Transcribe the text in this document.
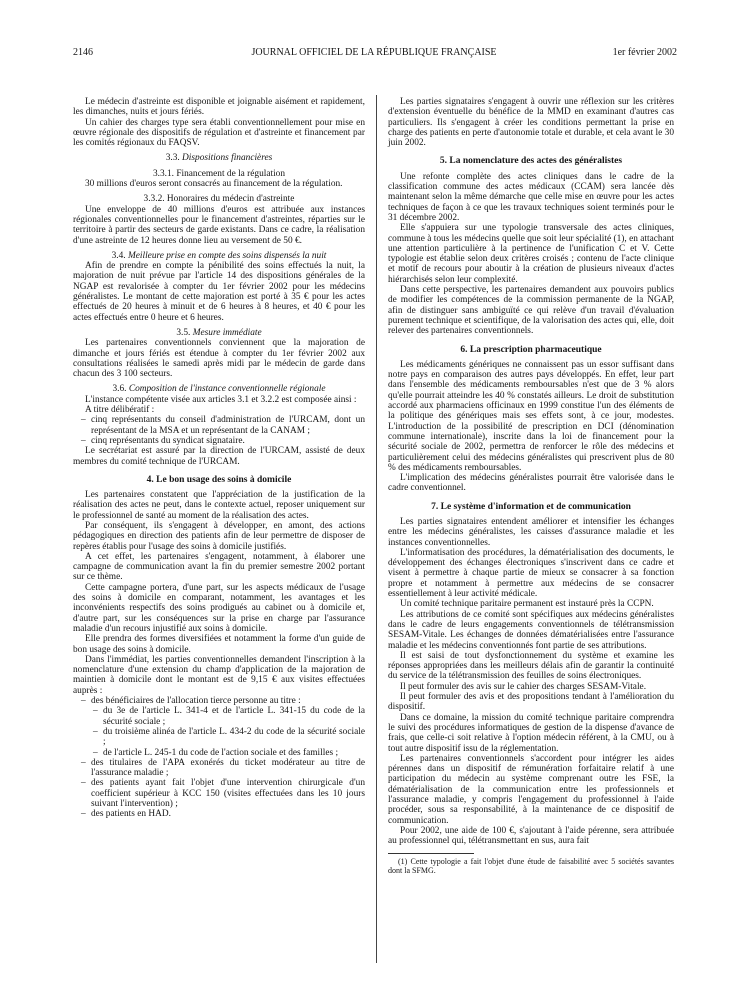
2146	JOURNAL OFFICIEL DE LA RÉPUBLIQUE FRANÇAISE	1er février 2002

Le médecin d'astreinte est disponible et joignable aisément et rapidement, les dimanches, nuits et jours fériés.

Un cahier des charges type sera établi conventionnellement pour mise en œuvre régionale des dispositifs de régulation et d'astreinte et financement par les comités régionaux du FAQSV.

3.3. Dispositions financières
3.3.1. Financement de la régulation

30 millions d'euros seront consacrés au financement de la régulation.

3.3.2. Honoraires du médecin d'astreinte

Une enveloppe de 40 millions d'euros est attribuée aux instances régionales conventionnelles pour le financement d'astreintes, réparties sur le territoire à partir des secteurs de garde existants. Dans ce cadre, la réalisation d'une astreinte de 12 heures donne lieu au versement de 50 €.

3.4. Meilleure prise en compte des soins dispensés la nuit

Afin de prendre en compte la pénibilité des soins effectués la nuit, la majoration de nuit prévue par l'article 14 des dispositions générales de la NGAP est revalorisée à compter du 1er février 2002 pour les médecins généralistes. Le montant de cette majoration est porté à 35 € pour les actes effectués de 20 heures à minuit et de 6 heures à 8 heures, et 40 € pour les actes effectués entre 0 heure et 6 heures.

3.5. Mesure immédiate

Les partenaires conventionnels conviennent que la majoration de dimanche et jours fériés est étendue à compter du 1er février 2002 aux consultations réalisées le samedi après midi par le médecin de garde dans chacun des 3 100 secteurs.

3.6. Composition de l'instance conventionnelle régionale

L'instance compétente visée aux articles 3.1 et 3.2.2 est composée ainsi :

A titre délibératif :

– cinq représentants du conseil d'administration de l'URCAM, dont un représentant de la MSA et un représentant de la CANAM ;
– cinq représentants du syndicat signataire.

Le secrétariat est assuré par la direction de l'URCAM, assisté de deux membres du comité technique de l'URCAM.

4. Le bon usage des soins à domicile

Les partenaires constatent que l'appréciation de la justification de la réalisation des actes ne peut, dans le contexte actuel, reposer uniquement sur le professionnel de santé au moment de la réalisation des actes.

Par conséquent, ils s'engagent à développer, en amont, des actions pédagogiques en direction des patients afin de leur permettre de disposer de repères établis pour l'usage des soins à domicile justifiés.

A cet effet, les partenaires s'engagent, notamment, à élaborer une campagne de communication avant la fin du premier semestre 2002 portant sur ce thème.

Cette campagne portera, d'une part, sur les aspects médicaux de l'usage des soins à domicile en comparant, notamment, les avantages et les inconvénients respectifs des soins prodigués au cabinet ou à domicile et, d'autre part, sur les conséquences sur la prise en charge par l'assurance maladie d'un recours injustifié aux soins à domicile.

Elle prendra des formes diversifiées et notamment la forme d'un guide de bon usage des soins à domicile.

Dans l'immédiat, les parties conventionnelles demandent l'inscription à la nomenclature d'une extension du champ d'application de la majoration de maintien à domicile dont le montant est de 9,15 € aux visites effectuées auprès :

– des bénéficiaires de l'allocation tierce personne au titre :
– du 3e de l'article L. 341-4 et de l'article L. 341-15 du code de la sécurité sociale ;
– du troisième alinéa de l'article L. 434-2 du code de la sécurité sociale ;
– de l'article L. 245-1 du code de l'action sociale et des familles ;
– des titulaires de l'APA exonérés du ticket modérateur au titre de l'assurance maladie ;
– des patients ayant fait l'objet d'une intervention chirurgicale d'un coefficient supérieur à KCC 150 (visites effectuées dans les 10 jours suivant l'intervention) ;
– des patients en HAD.

Les parties signataires s'engagent à ouvrir une réflexion sur les critères d'extension éventuelle du bénéfice de la MMD en examinant d'autres cas particuliers. Ils s'engagent à créer les conditions permettant la prise en charge des patients en perte d'autonomie totale et durable, et cela avant le 30 juin 2002.

5. La nomenclature des actes des généralistes

Une refonte complète des actes cliniques dans le cadre de la classification commune des actes médicaux (CCAM) sera lancée dès maintenant selon la même démarche que celle mise en œuvre pour les actes techniques de façon à ce que les travaux techniques soient terminés pour le 31 décembre 2002.

Elle s'appuiera sur une typologie transversale des actes cliniques, commune à tous les médecins quelle que soit leur spécialité (1), en attachant une attention particulière à la pertinence de l'unification C et V. Cette typologie est établie selon deux critères croisés ; contenu de l'acte clinique et motif de recours pour aboutir à la création de plusieurs niveaux d'actes hiérarchisés selon leur complexité.

Dans cette perspective, les partenaires demandent aux pouvoirs publics de modifier les compétences de la commission permanente de la NGAP, afin de distinguer sans ambiguïté ce qui relève d'un travail d'évaluation purement technique et scientifique, de la valorisation des actes qui, elle, doit relever des partenaires conventionnels.

6. La prescription pharmaceutique

Les médicaments génériques ne connaissent pas un essor suffisant dans notre pays en comparaison des autres pays développés. En effet, leur part dans l'ensemble des médicaments remboursables n'est que de 3 % alors qu'elle pourrait atteindre les 40 % constatés ailleurs. Le droit de substitution accordé aux pharmaciens officinaux en 1999 constitue l'un des éléments de la politique des génériques mais ses effets sont, à ce jour, modestes. L'introduction de la possibilité de prescription en DCI (dénomination commune internationale), inscrite dans la loi de financement pour la sécurité sociale de 2002, permettra de renforcer le rôle des médecins et particulièrement celui des médecins généralistes qui prescrivent plus de 80 % des médicaments remboursables.

L'implication des médecins généralistes pourrait être valorisée dans le cadre conventionnel.

7. Le système d'information et de communication

Les parties signataires entendent améliorer et intensifier les échanges entre les médecins généralistes, les caisses d'assurance maladie et les instances conventionnelles.

L'informatisation des procédures, la dématérialisation des documents, le développement des échanges électroniques s'inscrivent dans ce cadre et visent à permettre à chaque partie de mieux se consacrer à sa fonction propre et notamment à permettre aux médecins de se consacrer essentiellement à leur activité médicale.

Un comité technique paritaire permanent est instauré près la CCPN.

Les attributions de ce comité sont spécifiques aux médecins généralistes dans le cadre de leurs engagements conventionnels de télétransmission SESAM-Vitale. Les échanges de données dématérialisées entre l'assurance maladie et les médecins conventionnés font partie de ses attributions.

Il est saisi de tout dysfonctionnement du système et examine les réponses appropriées dans les meilleurs délais afin de garantir la continuité du service de la télétransmission des feuilles de soins électroniques.

Il peut formuler des avis sur le cahier des charges SESAM-Vitale.

Il peut formuler des avis et des propositions tendant à l'amélioration du dispositif.

Dans ce domaine, la mission du comité technique paritaire comprendra le suivi des procédures informatiques de gestion de la dispense d'avance de frais, que celle-ci soit relative à l'option médecin référent, à la CMU, ou à tout autre dispositif issu de la réglementation.

Les partenaires conventionnels s'accordent pour intégrer les aides pérennes dans un dispositif de rémunération forfaitaire relatif à une participation du médecin au système comprenant outre les FSE, la dématérialisation de la communication entre les professionnels et l'assurance maladie, y compris l'engagement du professionnel à l'aide procéder, sous sa responsabilité, à la maintenance de ce dispositif de communication.

Pour 2002, une aide de 100 €, s'ajoutant à l'aide pérenne, sera attribuée au professionnel qui, télétransmettant en sus, aura fait

(1) Cette typologie a fait l'objet d'une étude de faisabilité avec 5 sociétés savantes dont la SFMG.
